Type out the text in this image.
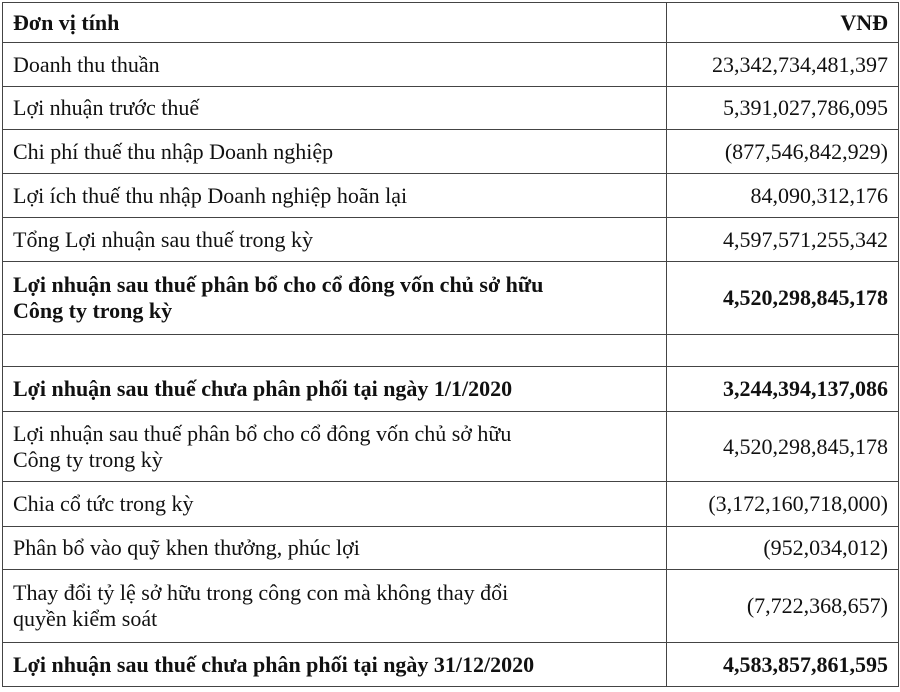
Đơn vị tính	VNĐ
Doanh thu thuần	23,342,734,481,397
Lợi nhuận trước thuế	5,391,027,786,095
Chi phí thuế thu nhập Doanh nghiệp	(877,546,842,929)
Lợi ích thuế thu nhập Doanh nghiệp hoãn lại	84,090,312,176
Tổng Lợi nhuận sau thuế trong kỳ	4,597,571,255,342
Lợi nhuận sau thuế phân bổ cho cổ đông vốn chủ sở hữu
Công ty trong kỳ	4,520,298,845,178

Lợi nhuận sau thuế chưa phân phối tại ngày 1/1/2020	3,244,394,137,086
Lợi nhuận sau thuế phân bổ cho cổ đông vốn chủ sở hữu
Công ty trong kỳ	4,520,298,845,178
Chia cổ tức trong kỳ	(3,172,160,718,000)
Phân bổ vào quỹ khen thưởng, phúc lợi	(952,034,012)
Thay đổi tỷ lệ sở hữu trong công con mà không thay đổi
quyền kiểm soát	(7,722,368,657)
Lợi nhuận sau thuế chưa phân phối tại ngày 31/12/2020	4,583,857,861,595
